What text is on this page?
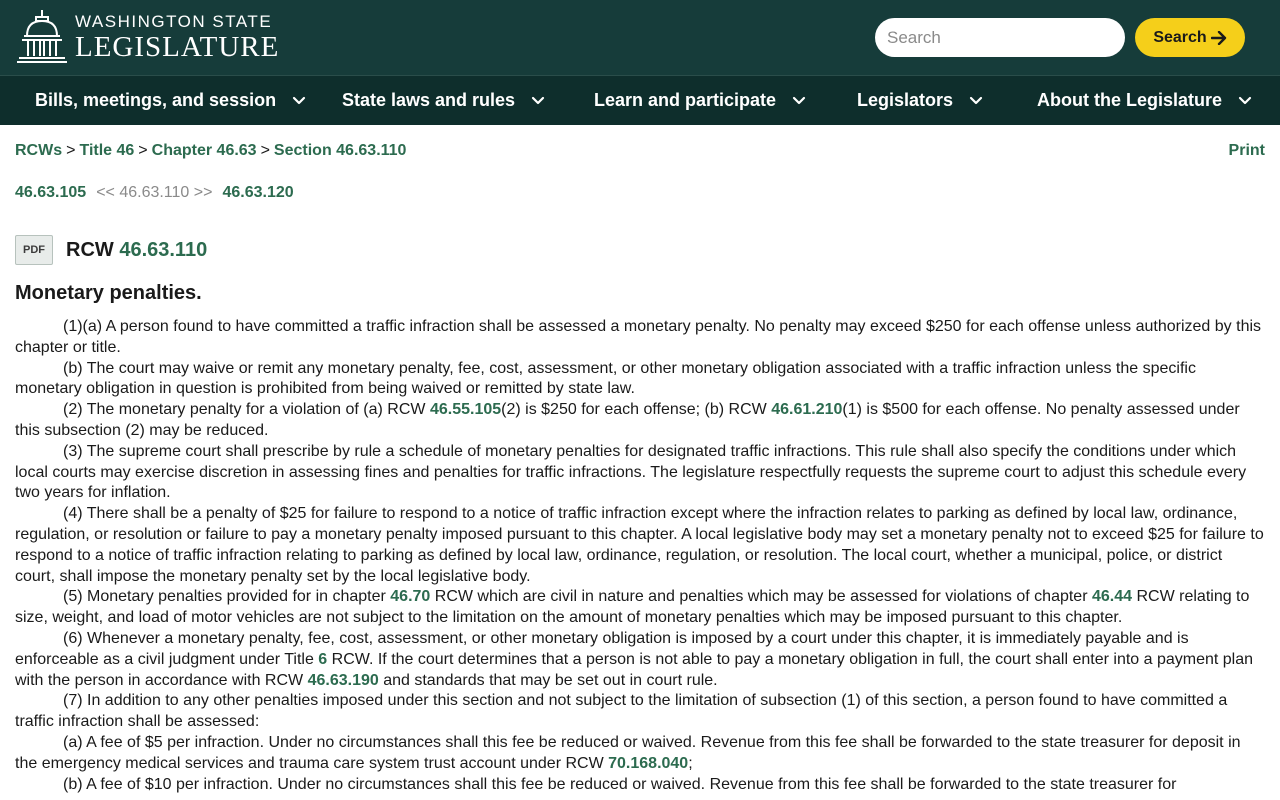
WASHINGTON STATE
LEGISLATURE
Search	Search
Bills, meetings, and session	State laws and rules	Learn and participate	Legislators	About the Legislature
RCWs > Title 46 > Chapter 46.63 > Section 46.63.110	Print
46.63.105 << 46.63.110 >> 46.63.120
PDF	RCW 46.63.110
Monetary penalties.

(1)(a) A person found to have committed a traffic infraction shall be assessed a monetary penalty. No penalty may exceed $250 for each offense unless authorized by this chapter or title.

(b) The court may waive or remit any monetary penalty, fee, cost, assessment, or other monetary obligation associated with a traffic infraction unless the specific monetary obligation in question is prohibited from being waived or remitted by state law.

(2) The monetary penalty for a violation of (a) RCW 46.55.105(2) is $250 for each offense; (b) RCW 46.61.210(1) is $500 for each offense. No penalty assessed under this subsection (2) may be reduced.

(3) The supreme court shall prescribe by rule a schedule of monetary penalties for designated traffic infractions. This rule shall also specify the conditions under which local courts may exercise discretion in assessing fines and penalties for traffic infractions. The legislature respectfully requests the supreme court to adjust this schedule every two years for inflation.

(4) There shall be a penalty of $25 for failure to respond to a notice of traffic infraction except where the infraction relates to parking as defined by local law, ordinance, regulation, or resolution or failure to pay a monetary penalty imposed pursuant to this chapter. A local legislative body may set a monetary penalty not to exceed $25 for failure to respond to a notice of traffic infraction relating to parking as defined by local law, ordinance, regulation, or resolution. The local court, whether a municipal, police, or district court, shall impose the monetary penalty set by the local legislative body.

(5) Monetary penalties provided for in chapter 46.70 RCW which are civil in nature and penalties which may be assessed for violations of chapter 46.44 RCW relating to size, weight, and load of motor vehicles are not subject to the limitation on the amount of monetary penalties which may be imposed pursuant to this chapter.

(6) Whenever a monetary penalty, fee, cost, assessment, or other monetary obligation is imposed by a court under this chapter, it is immediately payable and is enforceable as a civil judgment under Title 6 RCW. If the court determines that a person is not able to pay a monetary obligation in full, the court shall enter into a payment plan with the person in accordance with RCW 46.63.190 and standards that may be set out in court rule.

(7) In addition to any other penalties imposed under this section and not subject to the limitation of subsection (1) of this section, a person found to have committed a traffic infraction shall be assessed:

(a) A fee of $5 per infraction. Under no circumstances shall this fee be reduced or waived. Revenue from this fee shall be forwarded to the state treasurer for deposit in the emergency medical services and trauma care system trust account under RCW 70.168.040;

(b) A fee of $10 per infraction. Under no circumstances shall this fee be reduced or waived. Revenue from this fee shall be forwarded to the state treasurer for
